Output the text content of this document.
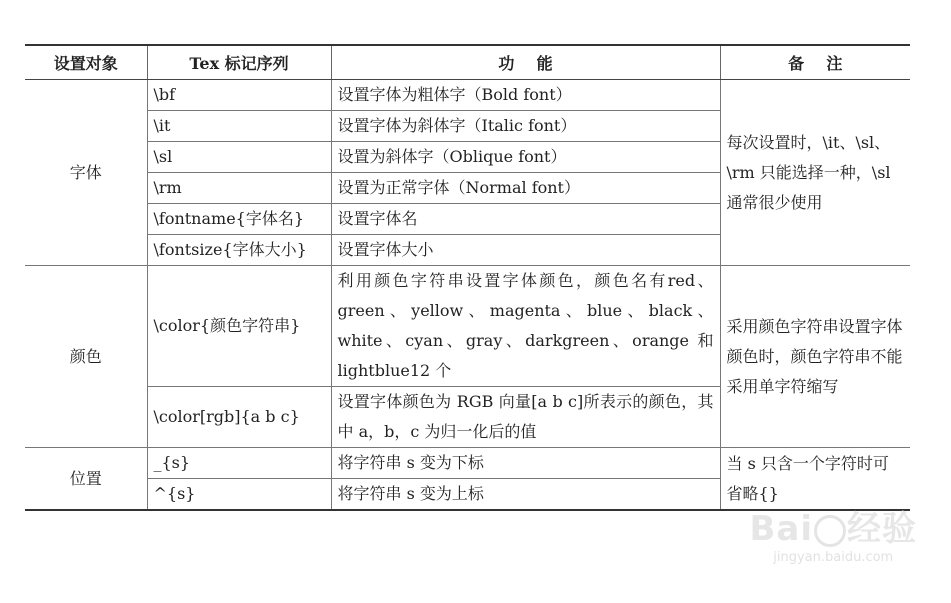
设置对象	Tex 标记序列	功    能	备    注
字体	\bf	设置字体为粗体字（Bold font）	每次设置时，\it、\sl、\rm 只能选择一种，\sl 通常很少使用
	\it	设置字体为斜体字（Italic font）	
	\sl	设置为斜体字（Oblique font）	
	\rm	设置为正常字体（Normal font）	
	\fontname{字体名}	设置字体名	
	\fontsize{字体大小}	设置字体大小	
颜色	\color{颜色字符串}	利用颜色字符串设置字体颜色，颜色名有red、green、yellow、magenta、blue、black、white、cyan、gray、darkgreen、orange 和 lightblue12 个	采用颜色字符串设置字体颜色时，颜色字符串不能采用单字符缩写
	\color[rgb]{a b c}	设置字体颜色为 RGB 向量[a b c]所表示的颜色，其中 a，b，c 为归一化后的值	
位置	_{s}	将字符串 s 变为下标	当 s 只含一个字符时可省略{}
	^{s}	将字符串 s 变为上标	
Bai 经验
jingyan.baidu.com
